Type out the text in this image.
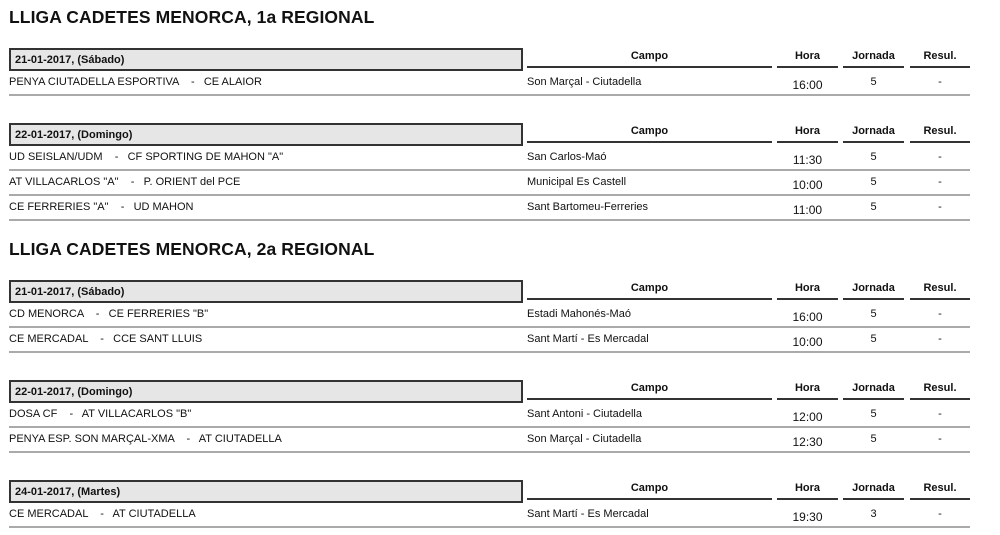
LLIGA CADETES MENORCA, 1a REGIONAL
21-01-2017, (Sábado)	Campo	Hora	Jornada	Resul.
PENYA CIUTADELLA ESPORTIVA    -   CE ALAIOR	Son Marçal - Ciutadella	16:00	5	-
22-01-2017, (Domingo)	Campo	Hora	Jornada	Resul.
UD SEISLAN/UDM    -   CF SPORTING DE MAHON "A"	San Carlos-Maó	11:30	5	-
AT VILLACARLOS "A"    -   P. ORIENT del PCE	Municipal Es Castell	10:00	5	-
CE FERRERIES "A"    -   UD MAHON	Sant Bartomeu-Ferreries	11:00	5	-
LLIGA CADETES MENORCA, 2a REGIONAL
21-01-2017, (Sábado)	Campo	Hora	Jornada	Resul.
CD MENORCA    -   CE FERRERIES "B"	Estadi Mahonés-Maó	16:00	5	-
CE MERCADAL    -   CCE SANT LLUIS	Sant Martí - Es Mercadal	10:00	5	-
22-01-2017, (Domingo)	Campo	Hora	Jornada	Resul.
DOSA CF    -   AT VILLACARLOS "B"	Sant Antoni - Ciutadella	12:00	5	-
PENYA ESP. SON MARÇAL-XMA    -   AT CIUTADELLA	Son Marçal - Ciutadella	12:30	5	-
24-01-2017, (Martes)	Campo	Hora	Jornada	Resul.
CE MERCADAL    -   AT CIUTADELLA	Sant Martí - Es Mercadal	19:30	3	-
